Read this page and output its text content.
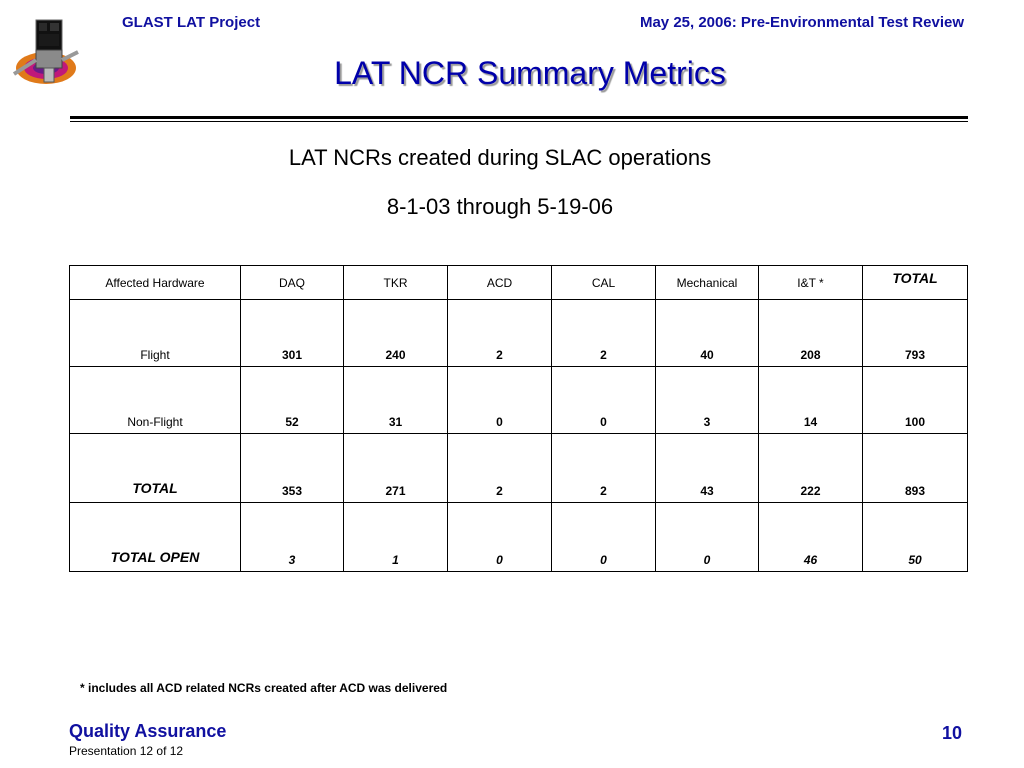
GLAST LAT Project	May 25, 2006: Pre-Environmental Test Review
LAT NCR Summary Metrics
LAT NCRs created during SLAC operations
8-1-03 through 5-19-06
Affected Hardware	DAQ	TKR	ACD	CAL	Mechanical	I&T *	TOTAL
Flight	301	240	2	2	40	208	793
Non-Flight	52	31	0	0	3	14	100
TOTAL	353	271	2	2	43	222	893
TOTAL OPEN	3	1	0	0	0	46	50
* includes all ACD related NCRs created after ACD was delivered
Quality Assurance
Presentation 12 of 12
10
